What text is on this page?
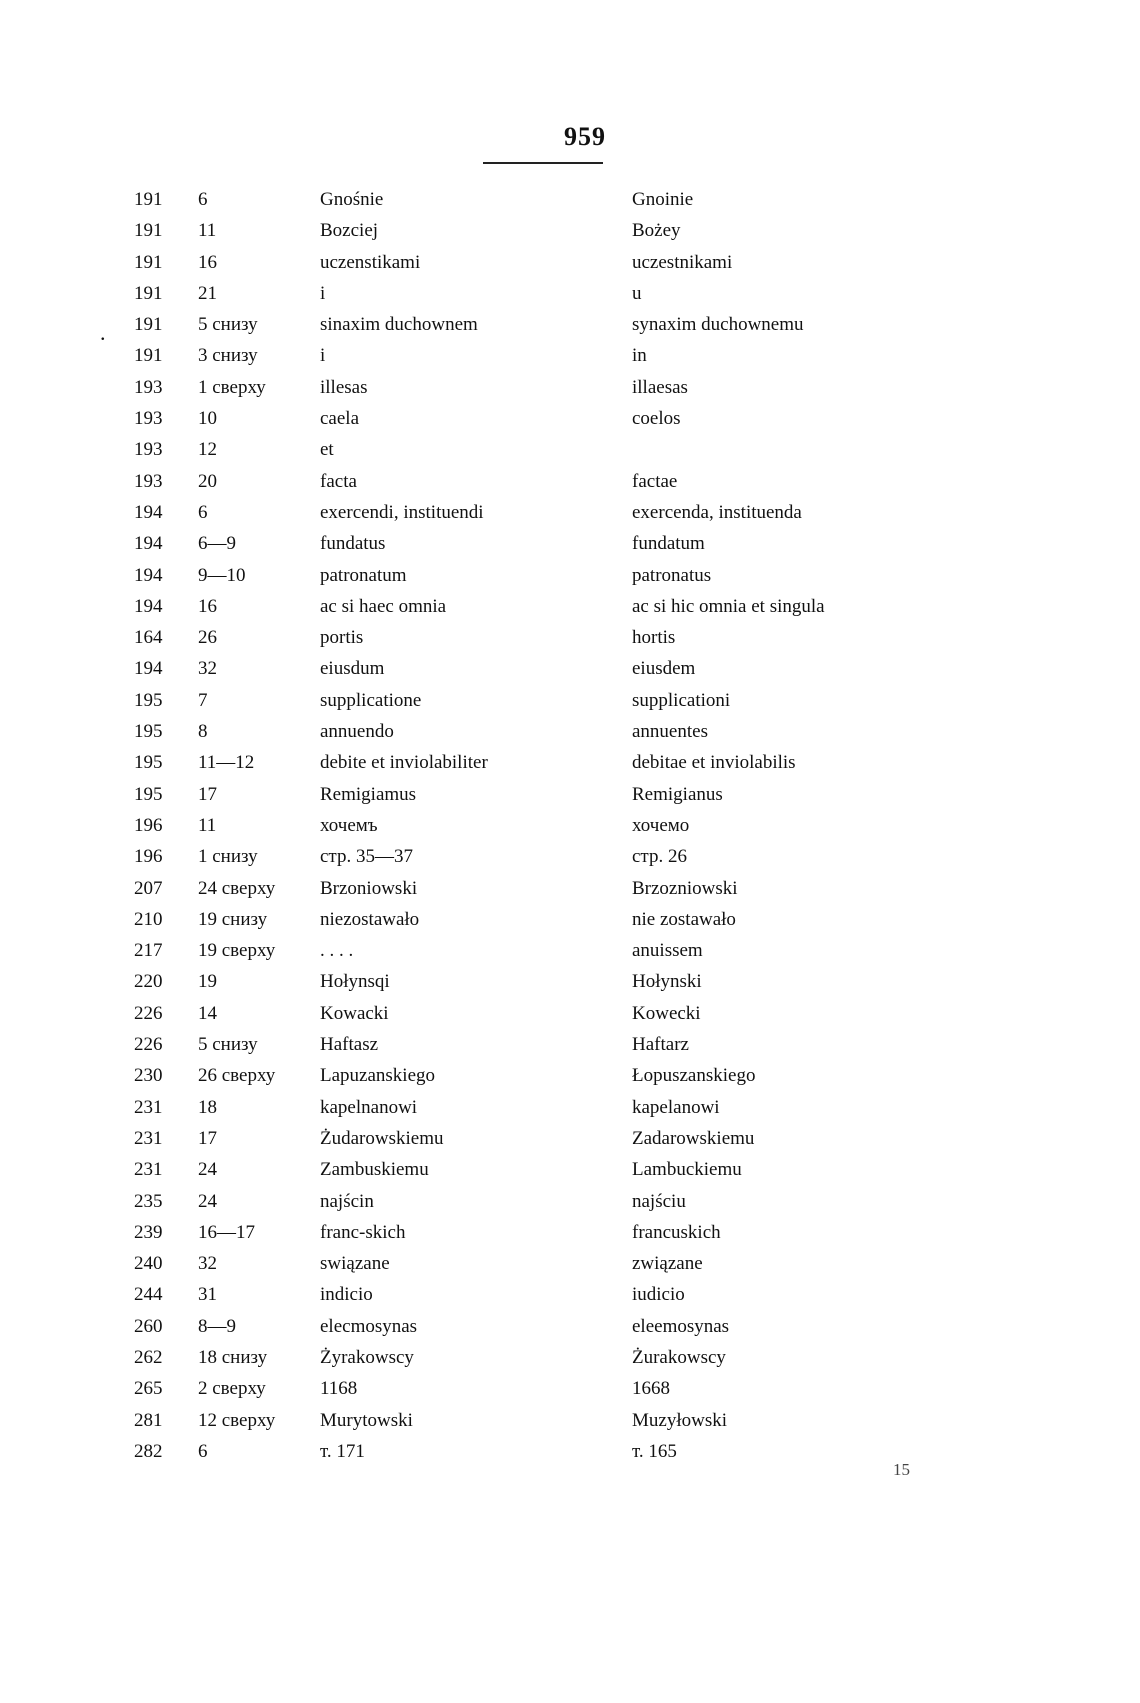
959
.
191	6	Gnośnie	Gnoinie
191	11	Bozciej	Bożey
191	16	uczenstikami	uczestnikami
191	21	i	u
191	5 снизу	sinaxim duchownem	synaxim duchownemu
191	3 снизу	i	in
193	1 сверху	illesas	illaesas
193	10	caela	coelos
193	12	et
193	20	facta	factae
194	6	exercendi, instituendi	exercenda, instituenda
194	6—9	fundatus	fundatum
194	9—10	patronatum	patronatus
194	16	ac si haec omnia	ac si hic omnia et singula
164	26	portis	hortis
194	32	eiusdum	eiusdem
195	7	supplicatione	supplicationi
195	8	annuendo	annuentes
195	11—12	debite et inviolabiliter	debitae et inviolabilis
195	17	Remigiamus	Remigianus
196	11	хочемъ	хочемо
196	1 снизу	стр. 35—37	стр. 26
207	24 сверху	Brzoniowski	Brzozniowski
210	19 снизу	niezostawało	nie zostawało
217	19 сверху	. . . .	anuissem
220	19	Hołynsqi	Hołynski
226	14	Kowacki	Kowecki
226	5 снизу	Haftasz	Haftarz
230	26 сверху	Lapuzanskiego	Łopuszanskiego
231	18	kapelnanowi	kapelanowi
231	17	Żudarowskiemu	Zadarowskiemu
231	24	Zambuskiemu	Lambuckiemu
235	24	najścin	najściu
239	16—17	franc-skich	francuskich
240	32	swiązane	związane
244	31	indicio	iudicio
260	8—9	elecmosynas	eleemosynas
262	18 снизу	Żyrakowscy	Żurakowscy
265	2 сверху	1168	1668
281	12 сверху	Murytowski	Muzyłowski
282	6	т. 171	т. 165
15
